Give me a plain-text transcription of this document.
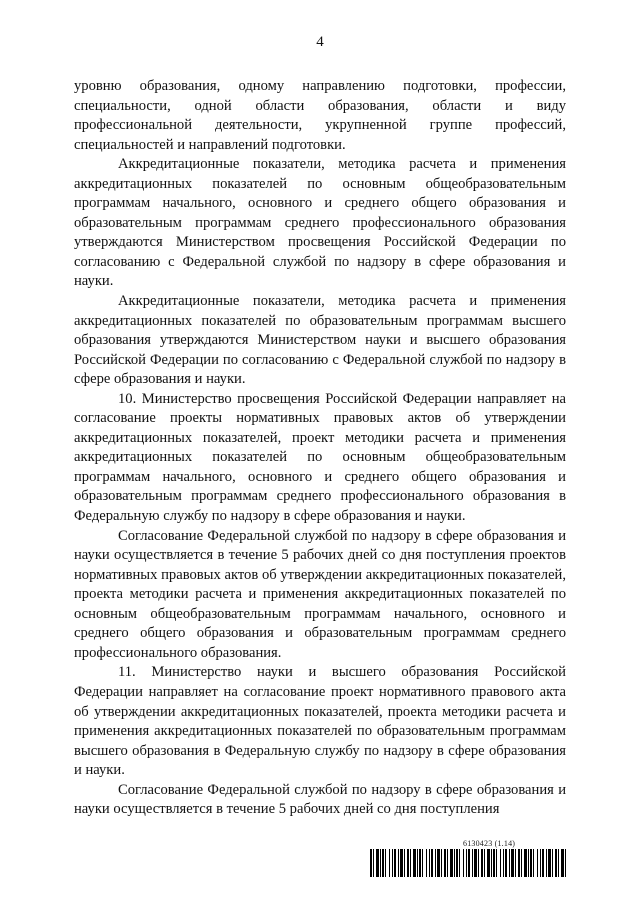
4

уровню образования, одному направлению подготовки, профессии, специальности, одной области образования, области и виду профессиональной деятельности, укрупненной группе профессий, специальностей и направлений подготовки.

Аккредитационные показатели, методика расчета и применения аккредитационных показателей по основным общеобразовательным программам начального, основного и среднего общего образования и образовательным программам среднего профессионального образования утверждаются Министерством просвещения Российской Федерации по согласованию с Федеральной службой по надзору в сфере образования и науки.

Аккредитационные показатели, методика расчета и применения аккредитационных показателей по образовательным программам высшего образования утверждаются Министерством науки и высшего образования Российской Федерации по согласованию с Федеральной службой по надзору в сфере образования и науки.

10. Министерство просвещения Российской Федерации направляет на согласование проекты нормативных правовых актов об утверждении аккредитационных показателей, проект методики расчета и применения аккредитационных показателей по основным общеобразовательным программам начального, основного и среднего общего образования и образовательным программам среднего профессионального образования в Федеральную службу по надзору в сфере образования и науки.

Согласование Федеральной службой по надзору в сфере образования и науки осуществляется в течение 5 рабочих дней со дня поступления проектов нормативных правовых актов об утверждении аккредитационных показателей, проекта методики расчета и применения аккредитационных показателей по основным общеобразовательным программам начального, основного и среднего общего образования и образовательным программам среднего профессионального образования.

11. Министерство науки и высшего образования Российской Федерации направляет на согласование проект нормативного правового акта об утверждении аккредитационных показателей, проекта методики расчета и применения аккредитационных показателей по образовательным программам высшего образования в Федеральную службу по надзору в сфере образования и науки.

Согласование Федеральной службой по надзору в сфере образования и науки осуществляется в течение 5 рабочих дней со дня поступления

6130423 (1.14)
